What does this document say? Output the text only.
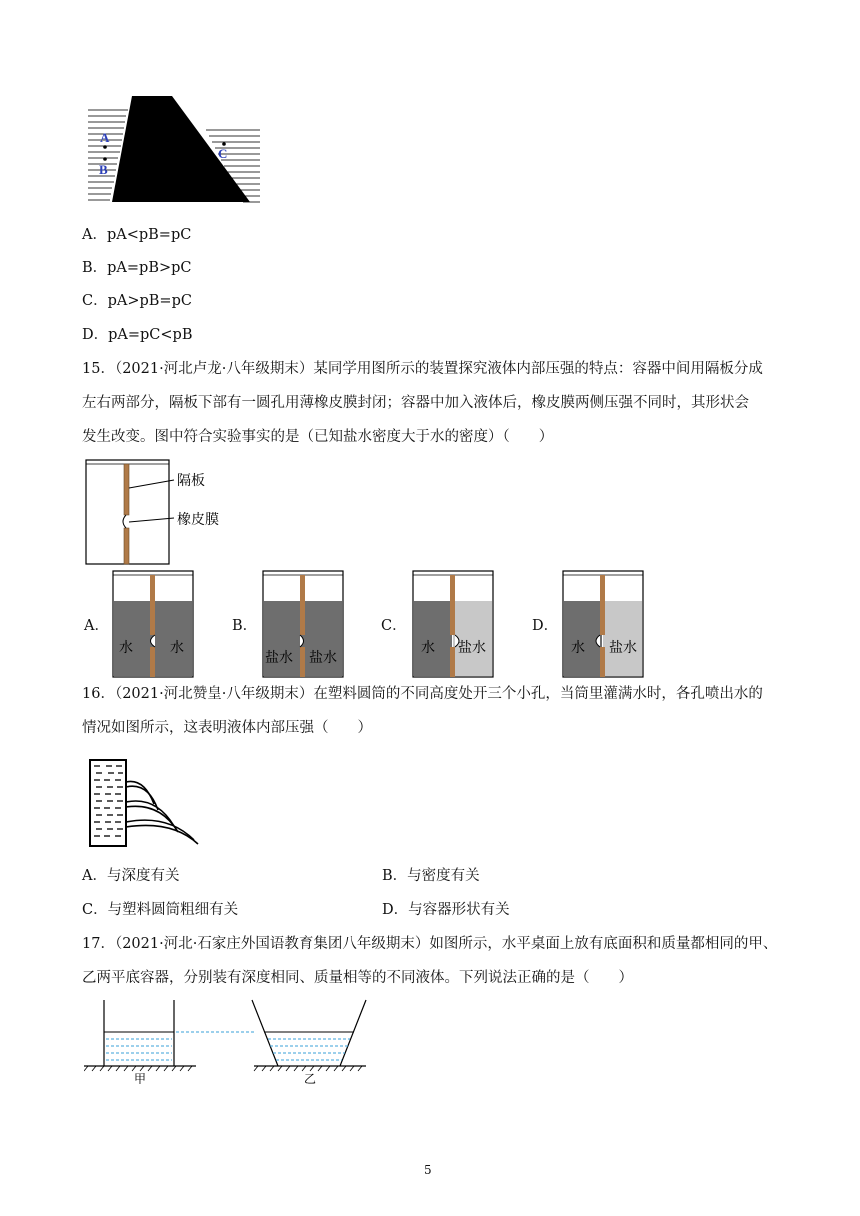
A
B
C
A．pA<pB=pC
B．pA=pB>pC
C．pA>pB=pC
D．pA=pC<pB
15．（2021·河北卢龙·八年级期末）某同学用图所示的装置探究液体内部压强的特点：容器中间用隔板分成
左右两部分，隔板下部有一圆孔用薄橡皮膜封闭；容器中加入液体后，橡皮膜两侧压强不同时，其形状会
发生改变。图中符合实验事实的是（已知盐水密度大于水的密度）（　　）
隔板
橡皮膜
A．
水	水
B．
盐水 盐水
C．
水 盐水
D．
水 盐水
16．（2021·河北赞皇·八年级期末）在塑料圆筒的不同高度处开三个小孔，当筒里灌满水时，各孔喷出水的
情况如图所示，这表明液体内部压强（　　）
A．与深度有关	B．与密度有关
C．与塑料圆筒粗细有关	D．与容器形状有关
17．（2021·河北·石家庄外国语教育集团八年级期末）如图所示，水平桌面上放有底面积和质量都相同的甲、
乙两平底容器，分别装有深度相同、质量相等的不同液体。下列说法正确的是（　　）
甲	乙
5
